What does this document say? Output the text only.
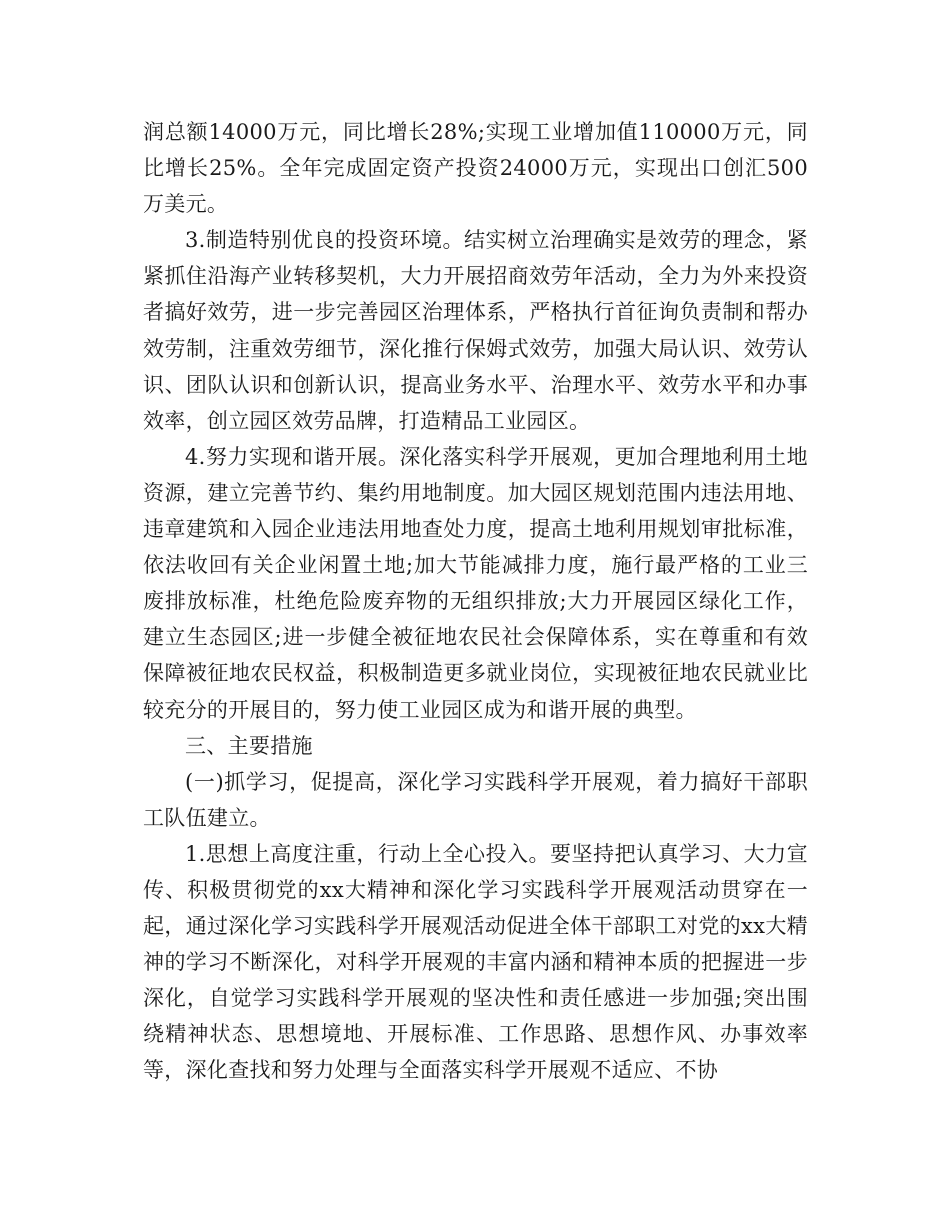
润总额14000万元，同比增长28%;实现工业增加值110000万元，同比增长25%。全年完成固定资产投资24000万元，实现出口创汇500万美元。

3.制造特别优良的投资环境。结实树立治理确实是效劳的理念，紧紧抓住沿海产业转移契机，大力开展招商效劳年活动，全力为外来投资者搞好效劳，进一步完善园区治理体系，严格执行首征询负责制和帮办效劳制，注重效劳细节，深化推行保姆式效劳，加强大局认识、效劳认识、团队认识和创新认识，提高业务水平、治理水平、效劳水平和办事效率，创立园区效劳品牌，打造精品工业园区。

4.努力实现和谐开展。深化落实科学开展观，更加合理地利用土地资源，建立完善节约、集约用地制度。加大园区规划范围内违法用地、违章建筑和入园企业违法用地查处力度，提高土地利用规划审批标准，依法收回有关企业闲置土地;加大节能减排力度，施行最严格的工业三废排放标准，杜绝危险废弃物的无组织排放;大力开展园区绿化工作，建立生态园区;进一步健全被征地农民社会保障体系，实在尊重和有效保障被征地农民权益，积极制造更多就业岗位，实现被征地农民就业比较充分的开展目的，努力使工业园区成为和谐开展的典型。

三、主要措施

(一)抓学习，促提高，深化学习实践科学开展观，着力搞好干部职工队伍建立。

1.思想上高度注重，行动上全心投入。要坚持把认真学习、大力宣传、积极贯彻党的xx大精神和深化学习实践科学开展观活动贯穿在一起，通过深化学习实践科学开展观活动促进全体干部职工对党的xx大精神的学习不断深化，对科学开展观的丰富内涵和精神本质的把握进一步深化，自觉学习实践科学开展观的坚决性和责任感进一步加强;突出围绕精神状态、思想境地、开展标准、工作思路、思想作风、办事效率等，深化查找和努力处理与全面落实科学开展观不适应、不协
